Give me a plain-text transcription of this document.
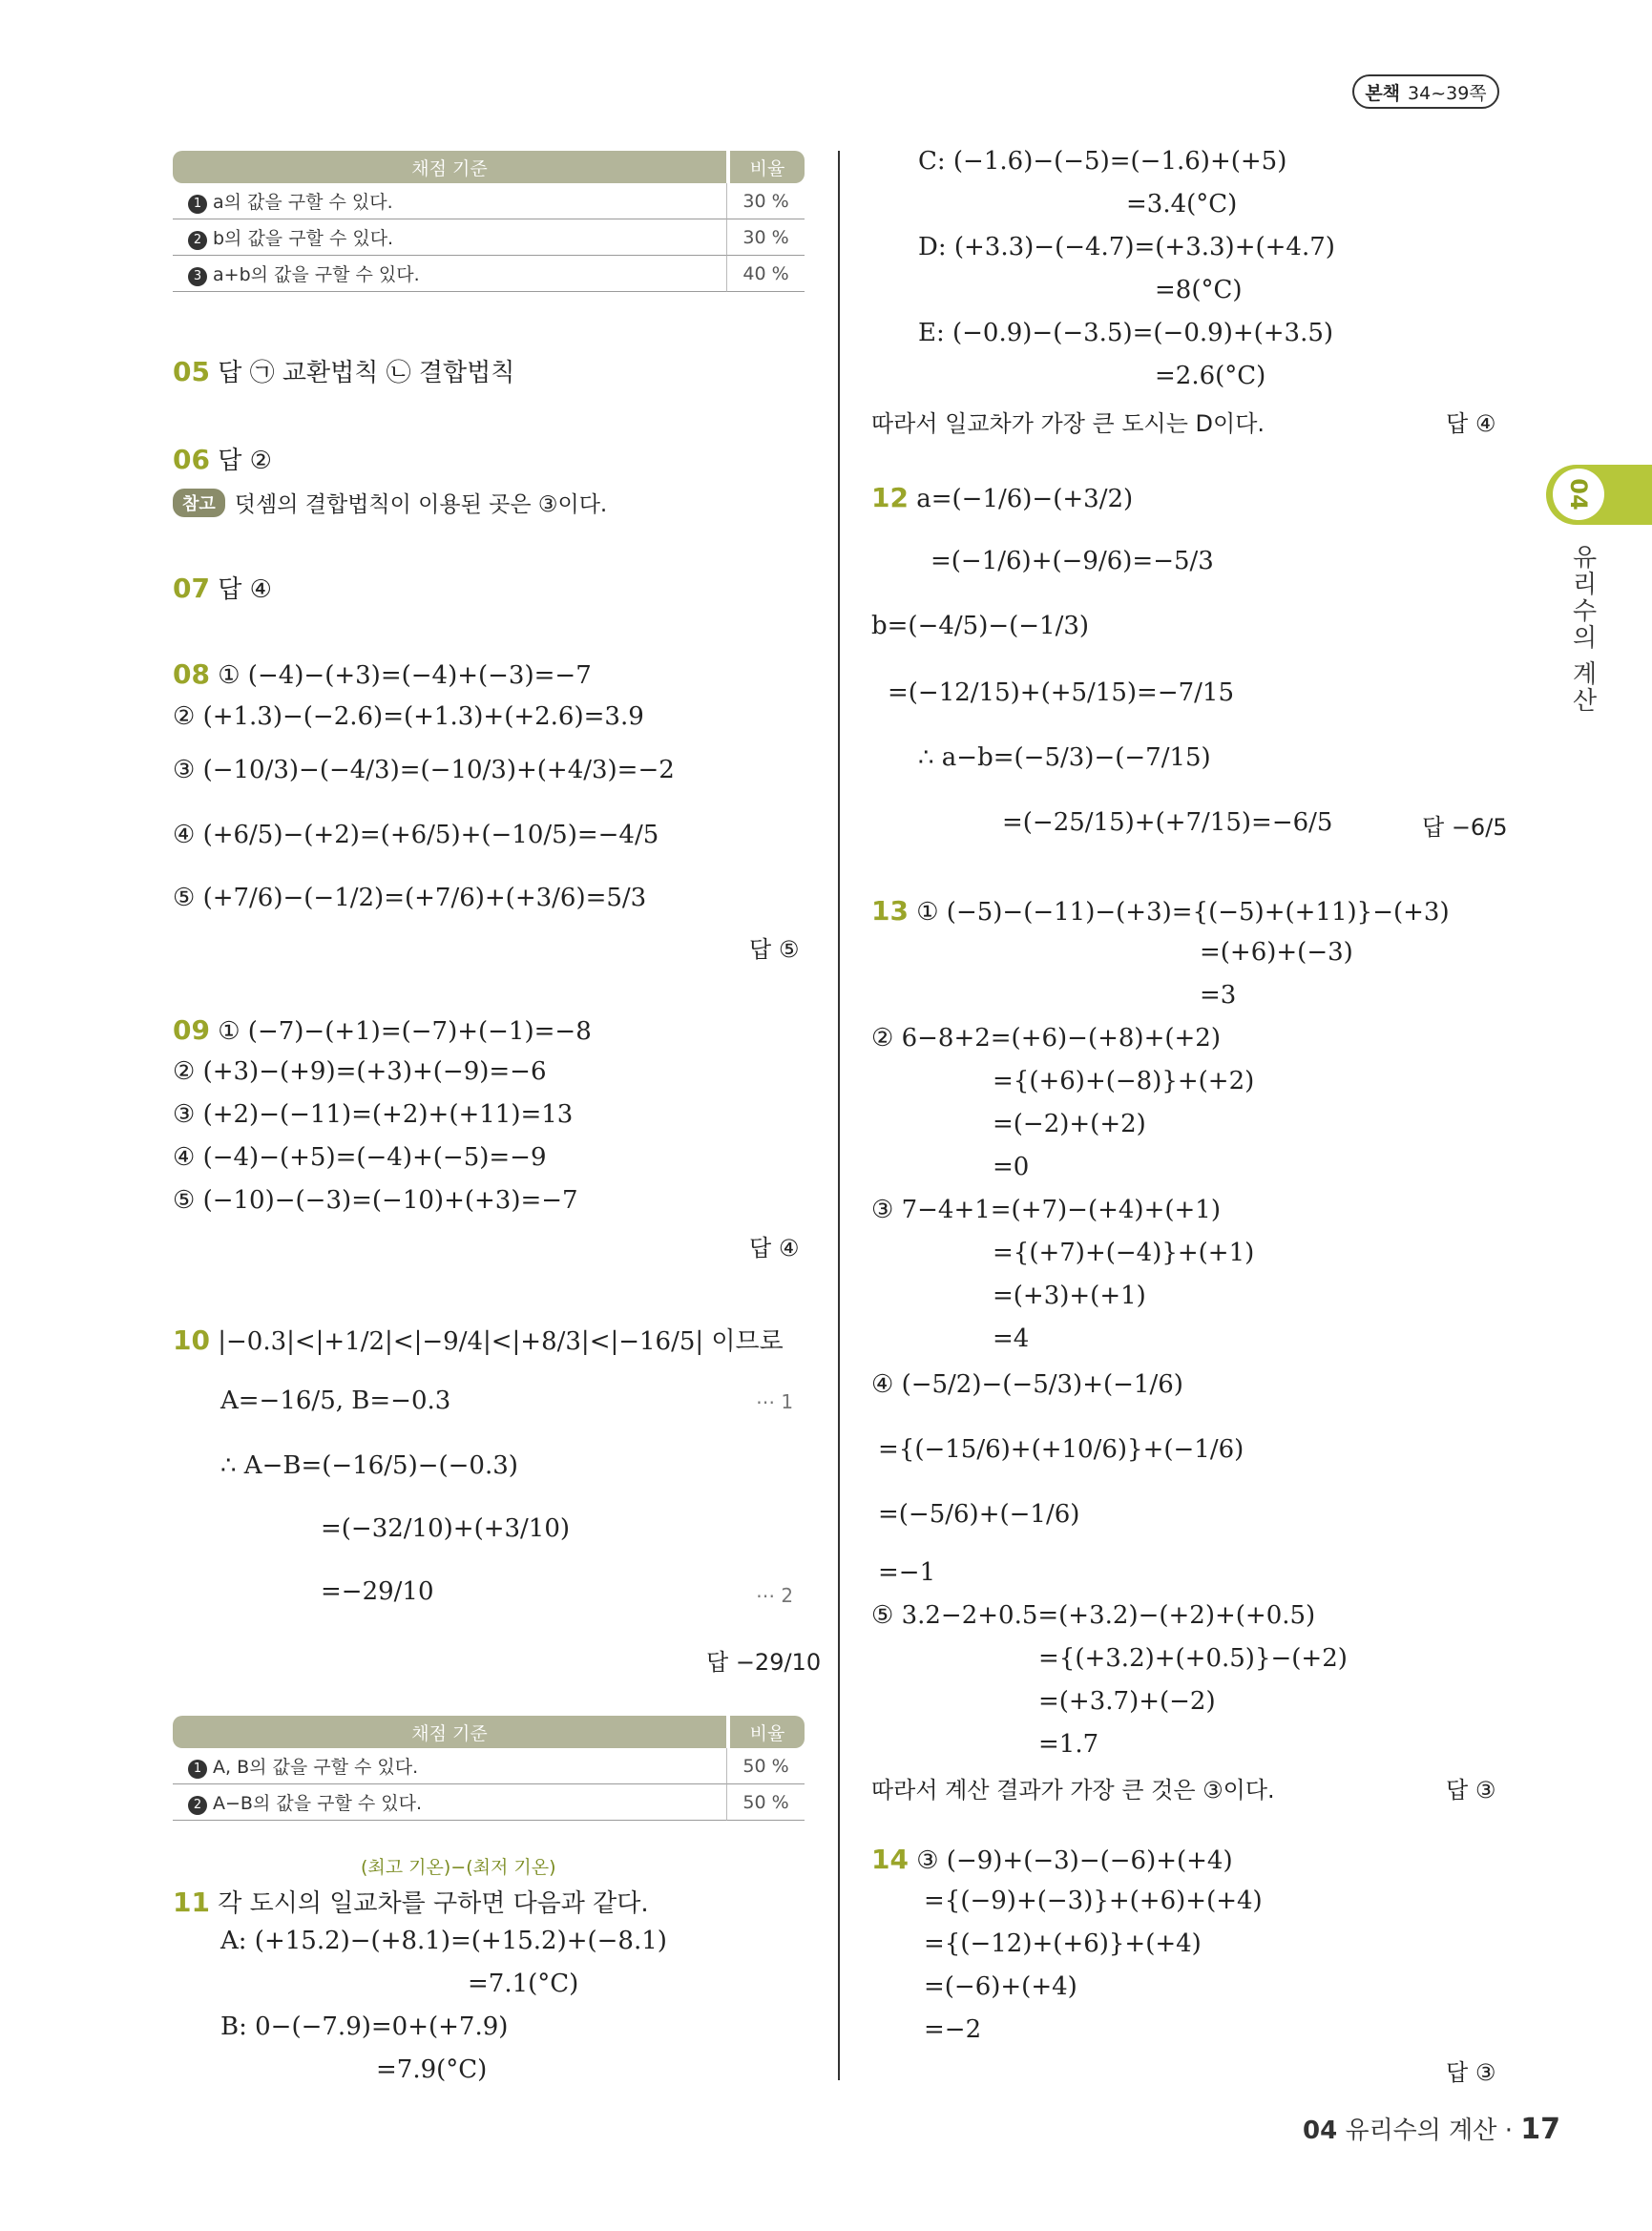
본책 34~39쪽
04
유리수의 계산
채점 기준	비율
1 a의 값을 구할 수 있다.	30 %
2 b의 값을 구할 수 있다.	30 %
3 a+b의 값을 구할 수 있다.	40 %
05 답 ㉠ 교환법칙 ㉡ 결합법칙
06 답 ②
참고 덧셈의 결합법칙이 이용된 곳은 ③이다.
07 답 ④
08 ① (−4)−(+3)=(−4)+(−3)=−7
② (+1.3)−(−2.6)=(+1.3)+(+2.6)=3.9
③ (−10/3)−(−4/3)=(−10/3)+(+4/3)=−2
④ (+6/5)−(+2)=(+6/5)+(−10/5)=−4/5
⑤ (+7/6)−(−1/2)=(+7/6)+(+3/6)=5/3
답 ⑤
09 ① (−7)−(+1)=(−7)+(−1)=−8
② (+3)−(+9)=(+3)+(−9)=−6
③ (+2)−(−11)=(+2)+(+11)=13
④ (−4)−(+5)=(−4)+(−5)=−9
⑤ (−10)−(−3)=(−10)+(+3)=−7
답 ④
10 |−0.3|<|+1/2|<|−9/4|<|+8/3|<|−16/5| 이므로
A=−16/5, B=−0.3	⋯ 1
∴ A−B=(−16/5)−(−0.3)
=(−32/10)+(+3/10)
=−29/10	⋯ 2
답 −29/10
채점 기준	비율
1 A, B의 값을 구할 수 있다.	50 %
2 A−B의 값을 구할 수 있다.	50 %
(최고 기온)−(최저 기온)
11 각 도시의 일교차를 구하면 다음과 같다.
A: (+15.2)−(+8.1)=(+15.2)+(−8.1)
=7.1(°C)
B: 0−(−7.9)=0+(+7.9)
=7.9(°C)
C: (−1.6)−(−5)=(−1.6)+(+5)
=3.4(°C)
D: (+3.3)−(−4.7)=(+3.3)+(+4.7)
=8(°C)
E: (−0.9)−(−3.5)=(−0.9)+(+3.5)
=2.6(°C)
따라서 일교차가 가장 큰 도시는 D이다.	답 ④
12 a=(−1/6)−(+3/2)
=(−1/6)+(−9/6)=−5/3
b=(−4/5)−(−1/3)
=(−12/15)+(+5/15)=−7/15
∴ a−b=(−5/3)−(−7/15)
=(−25/15)+(+7/15)=−6/5	답 −6/5
13 ① (−5)−(−11)−(+3)={(−5)+(+11)}−(+3)
=(+6)+(−3)
=3
② 6−8+2=(+6)−(+8)+(+2)
={(+6)+(−8)}+(+2)
=(−2)+(+2)
=0
③ 7−4+1=(+7)−(+4)+(+1)
={(+7)+(−4)}+(+1)
=(+3)+(+1)
=4
④ (−5/2)−(−5/3)+(−1/6)
={(−15/6)+(+10/6)}+(−1/6)
=(−5/6)+(−1/6)
=−1
⑤ 3.2−2+0.5=(+3.2)−(+2)+(+0.5)
={(+3.2)+(+0.5)}−(+2)
=(+3.7)+(−2)
=1.7
따라서 계산 결과가 가장 큰 것은 ③이다.	답 ③
14 ③ (−9)+(−3)−(−6)+(+4)
={(−9)+(−3)}+(+6)+(+4)
={(−12)+(+6)}+(+4)
=(−6)+(+4)
=−2
답 ③
04 유리수의 계산 · 17
